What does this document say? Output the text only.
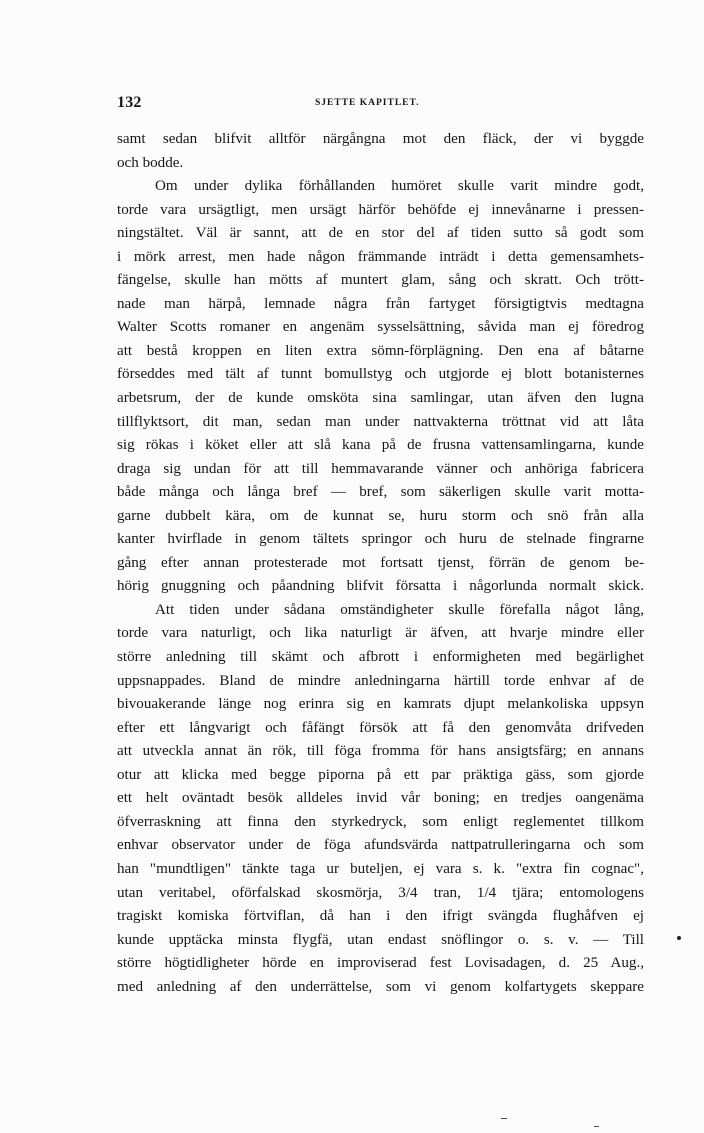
132	SJETTE KAPITLET.
samt sedan blifvit alltför närgångna mot den fläck, der vi byggde
och bodde.
Om under dylika förhållanden humöret skulle varit mindre godt,
torde vara ursägtligt, men ursägt härför behöfde ej innevånarne i pressen-
ningstältet. Väl är sannt, att de en stor del af tiden sutto så godt som
i mörk arrest, men hade någon främmande inträdt i detta gemensamhets-
fängelse, skulle han mötts af muntert glam, sång och skratt. Och trött-
nade man härpå, lemnade några från fartyget försigtigtvis medtagna
Walter Scotts romaner en angenäm sysselsättning, såvida man ej föredrog
att bestå kroppen en liten extra sömn-förplägning. Den ena af båtarne
förseddes med tält af tunnt bomullstyg och utgjorde ej blott botanisternes
arbetsrum, der de kunde omsköta sina samlingar, utan äfven den lugna
tillflyktsort, dit man, sedan man under nattvakterna tröttnat vid att låta
sig rökas i köket eller att slå kana på de frusna vattensamlingarna, kunde
draga sig undan för att till hemmavarande vänner och anhöriga fabricera
både många och långa bref — bref, som säkerligen skulle varit motta-
garne dubbelt kära, om de kunnat se, huru storm och snö från alla
kanter hvirflade in genom tältets springor och huru de stelnade fingrarne
gång efter annan protesterade mot fortsatt tjenst, förrän de genom be-
hörig gnuggning och påandning blifvit försatta i någorlunda normalt skick.
Att tiden under sådana omständigheter skulle förefalla något lång,
torde vara naturligt, och lika naturligt är äfven, att hvarje mindre eller
större anledning till skämt och afbrott i enformigheten med begärlighet
uppsnappades. Bland de mindre anledningarna härtill torde enhvar af de
bivouakerande länge nog erinra sig en kamrats djupt melankoliska uppsyn
efter ett långvarigt och fåfängt försök att få den genomvåta drifveden
att utveckla annat än rök, till föga fromma för hans ansigtsfärg; en annans
otur att klicka med begge piporna på ett par präktiga gäss, som gjorde
ett helt oväntadt besök alldeles invid vår boning; en tredjes oangenäma
öfverraskning att finna den styrkedryck, som enligt reglementet tillkom
enhvar observator under de föga afundsvärda nattpatrulleringarna och som
han "mundtligen" tänkte taga ur buteljen, ej vara s. k. "extra fin cognac",
utan veritabel, oförfalskad skosmörja, 3/4 tran, 1/4 tjära; entomologens
tragiskt komiska förtviflan, då han i den ifrigt svängda flughåfven ej
kunde upptäcka minsta flygfä, utan endast snöflingor o. s. v. — Till
större högtidligheter hörde en improviserad fest Lovisadagen, d. 25 Aug.,
med anledning af den underrättelse, som vi genom kolfartygets skeppare
